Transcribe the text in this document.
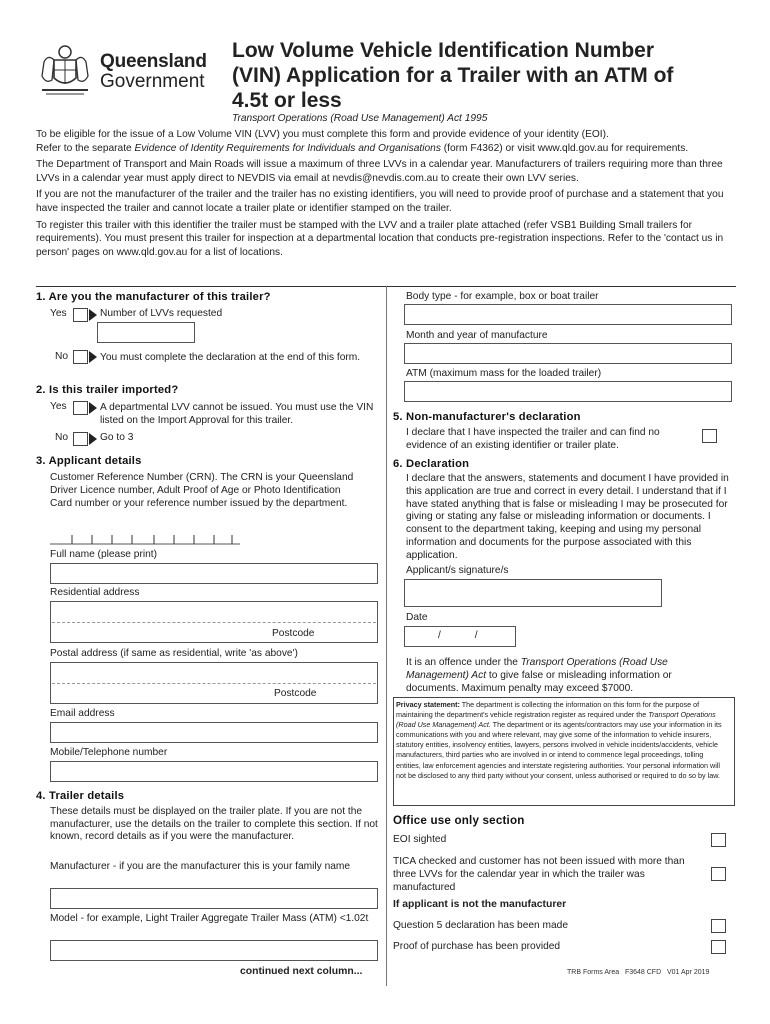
Queensland
Government
Low Volume Vehicle Identification Number
(VIN) Application for a Trailer with an ATM of
4.5t or less
Transport Operations (Road Use Management) Act 1995
To be eligible for the issue of a Low Volume VIN (LVV) you must complete this form and provide evidence of your identity (EOI).
Refer to the separate Evidence of Identity Requirements for Individuals and Organisations (form F4362) or visit www.qld.gov.au for requirements.
The Department of Transport and Main Roads will issue a maximum of three LVVs in a calendar year. Manufacturers of trailers requiring more than three LVVs in a calendar year must apply direct to NEVDIS via email at nevdis@nevdis.com.au to create their own LVV series.
If you are not the manufacturer of the trailer and the trailer has no existing identifiers, you will need to provide proof of purchase and a statement that you have inspected the trailer and cannot locate a trailer plate or identifier stamped on the trailer.
To register this trailer with this identifier the trailer must be stamped with the LVV and a trailer plate attached (refer VSB1 Building Small trailers for requirements). You must present this trailer for inspection at a departmental location that conducts pre-registration inspections. Refer to the 'contact us in person' pages on www.qld.gov.au for a list of locations.
1. Are you the manufacturer of this trailer?
Yes	Number of LVVs requested
No	You must complete the declaration at the end of this form.
2. Is this trailer imported?
Yes	A departmental LVV cannot be issued. You must use the VIN listed on the Import Approval for this trailer.
No	Go to 3
3. Applicant details
Customer Reference Number (CRN). The CRN is your Queensland Driver Licence number, Adult Proof of Age or Photo Identification Card number or your reference number issued by the department.
Full name (please print)
Residential address
Postcode
Postal address (if same as residential, write 'as above')
Postcode
Email address
Mobile/Telephone number
4. Trailer details
These details must be displayed on the trailer plate. If you are not the manufacturer, use the details on the trailer to complete this section. If not known, record details as if you were the manufacturer.
Manufacturer - if you are the manufacturer this is your family name
Model - for example, Light Trailer Aggregate Trailer Mass (ATM) <1.02t
continued next column...
Body type - for example, box or boat trailer
Month and year of manufacture
ATM (maximum mass for the loaded trailer)
5. Non-manufacturer's declaration
I declare that I have inspected the trailer and can find no evidence of an existing identifier or trailer plate.
6. Declaration
I declare that the answers, statements and document I have provided in this application are true and correct in every detail. I understand that if I have stated anything that is false or misleading I may be prosecuted for giving or stating any false or misleading information or documents. I consent to the department taking, keeping and using my personal information and documents for the purpose associated with this application.
Applicant/s signature/s
Date
/            /
It is an offence under the Transport Operations (Road Use Management) Act to give false or misleading information or documents. Maximum penalty may exceed $7000.
Privacy statement: The department is collecting the information on this form for the purpose of maintaining the department's vehicle registration register as required under the Transport Operations (Road Use Management) Act. The department or its agents/contractors may use your information in its communications with you and where relevant, may give some of the information to vehicle insurers, statutory entities, insolvency entities, lawyers, persons involved in vehicle incidents/accidents, vehicle manufacturers, third parties who are involved in or intend to commence legal proceedings, tolling entities, law enforcement agencies and interstate registering authorities. Your personal information will not be disclosed to any third party without your consent, unless authorised or required to do so by law.
Office use only section
EOI sighted
TICA checked and customer has not been issued with more than three LVVs for the calendar year in which the trailer was manufactured
If applicant is not the manufacturer
Question 5 declaration has been made
Proof of purchase has been provided
TRB Forms Area   F3648 CFD   V01 Apr 2019
